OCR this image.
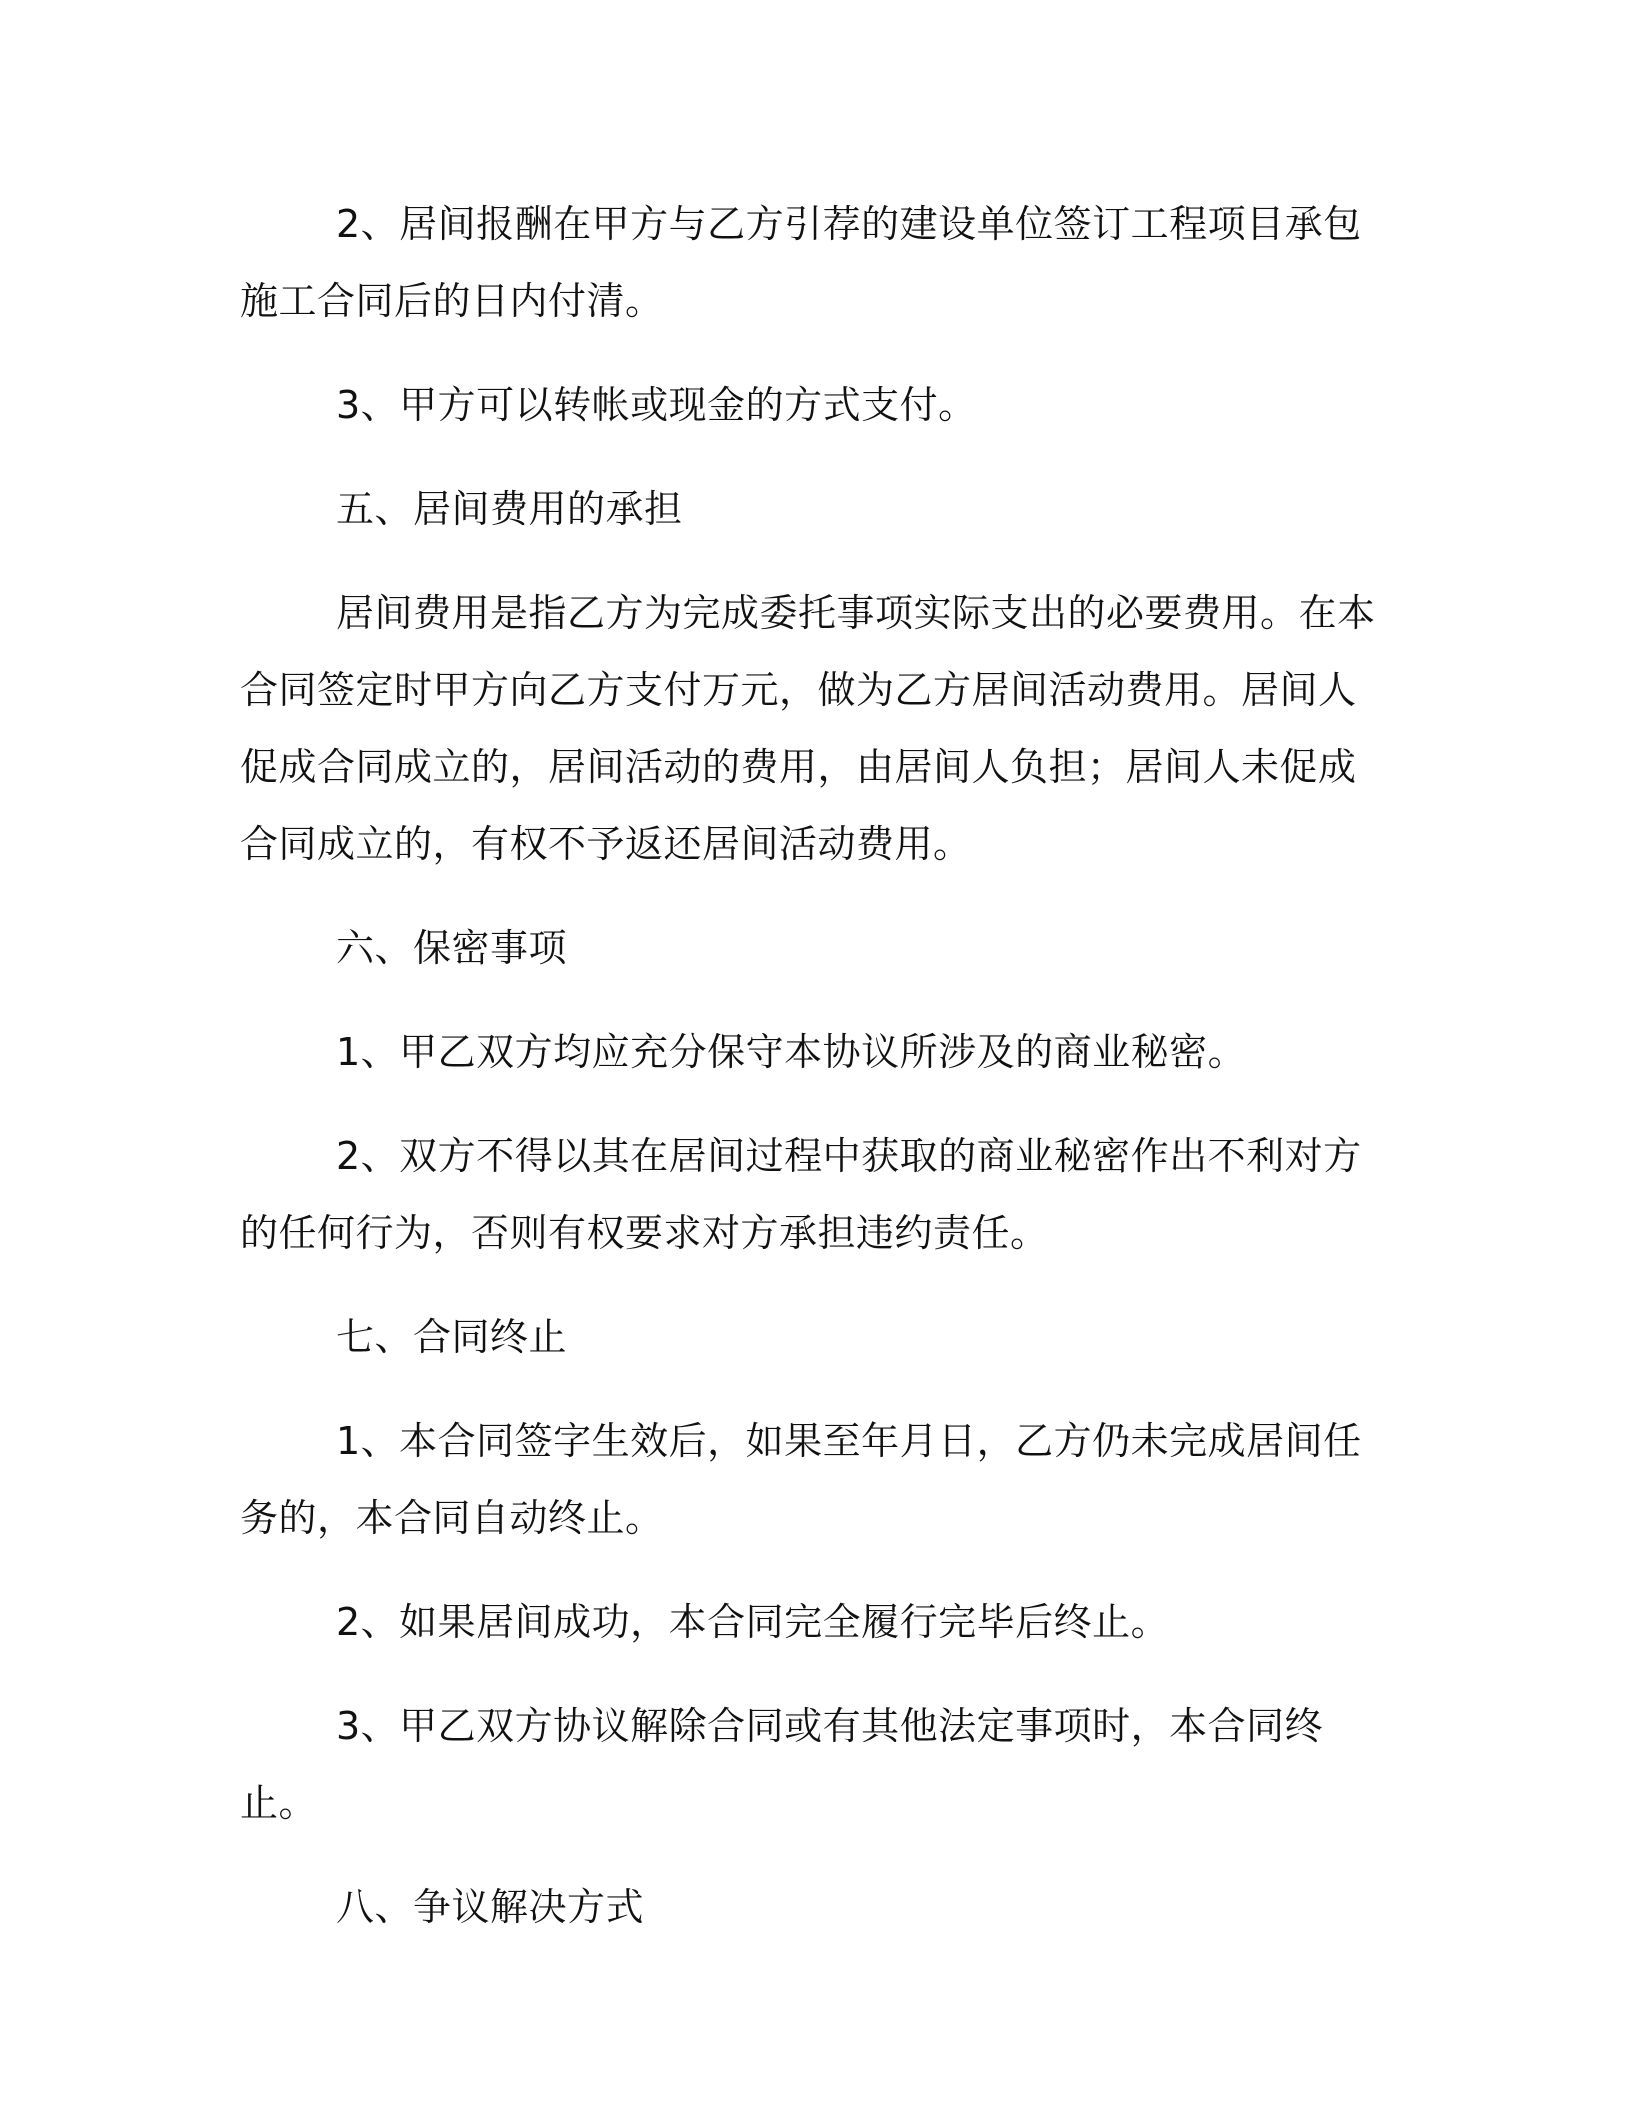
2、居间报酬在甲方与乙方引荐的建设单位签订工程项目承包施工合同后的日内付清。

3、甲方可以转帐或现金的方式支付。

五、居间费用的承担

居间费用是指乙方为完成委托事项实际支出的必要费用。在本合同签定时甲方向乙方支付万元，做为乙方居间活动费用。居间人促成合同成立的，居间活动的费用，由居间人负担；居间人未促成合同成立的，有权不予返还居间活动费用。

六、保密事项

1、甲乙双方均应充分保守本协议所涉及的商业秘密。

2、双方不得以其在居间过程中获取的商业秘密作出不利对方的任何行为，否则有权要求对方承担违约责任。

七、合同终止

1、本合同签字生效后，如果至年月日，乙方仍未完成居间任务的，本合同自动终止。

2、如果居间成功，本合同完全履行完毕后终止。

3、甲乙双方协议解除合同或有其他法定事项时，本合同终止。

八、争议解决方式
